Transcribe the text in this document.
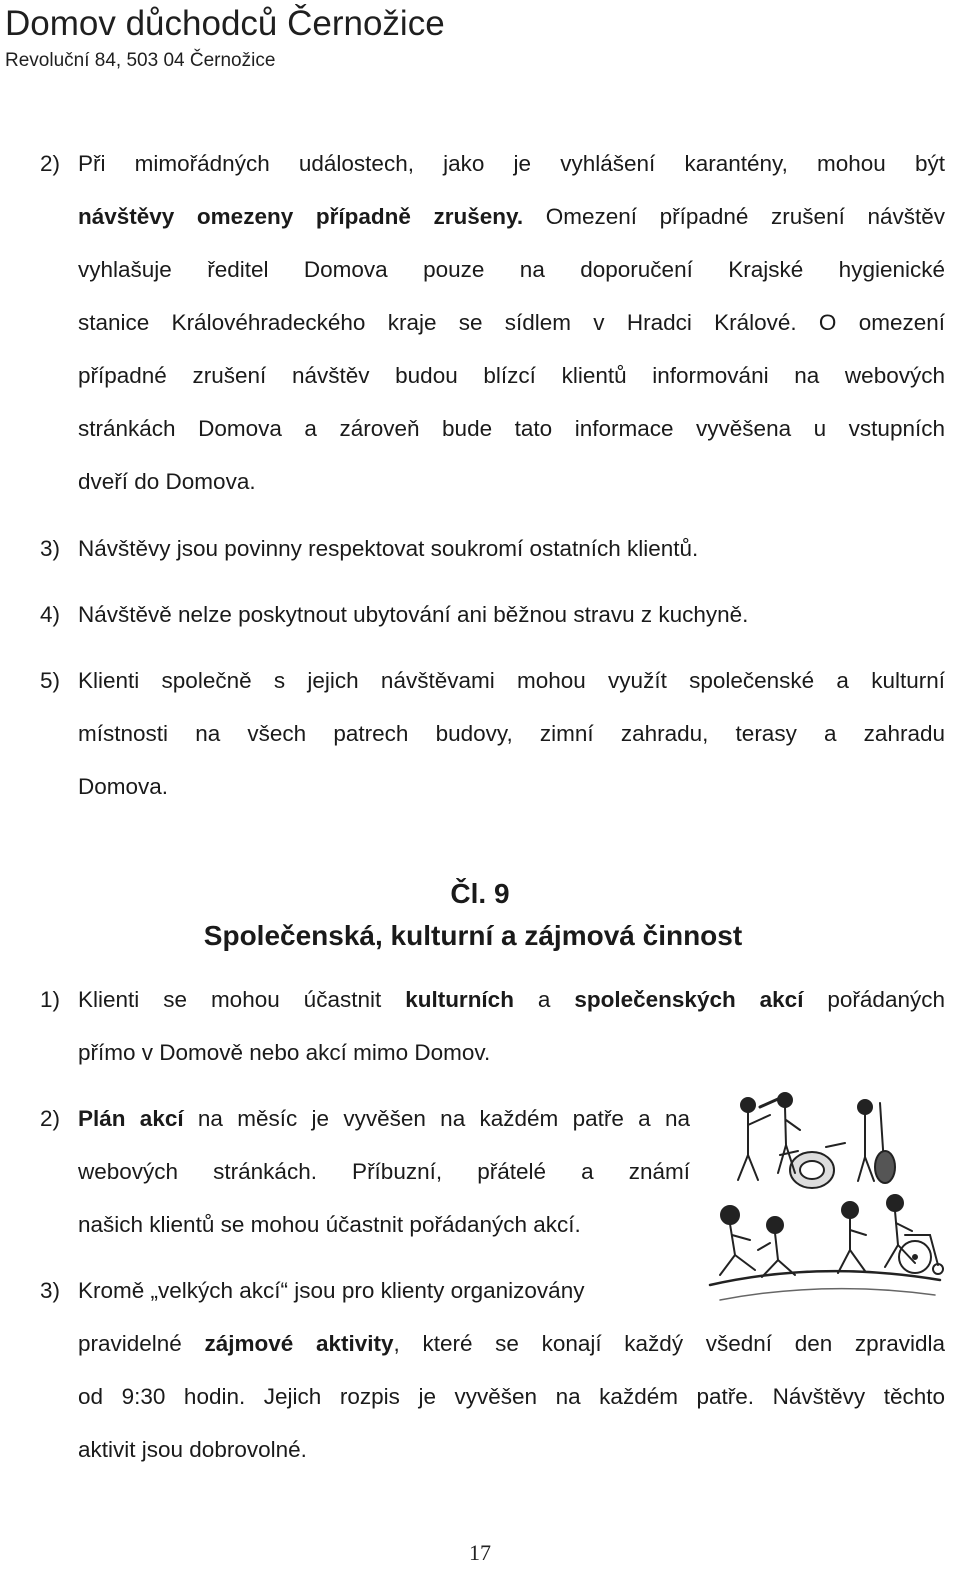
Domov důchodců Černožice
Revoluční 84, 503 04 Černožice
2) Při mimořádných událostech, jako je vyhlášení karantény, mohou být
návštěvy omezeny případně zrušeny. Omezení případné zrušení návštěv
vyhlašuje ředitel Domova pouze na doporučení Krajské hygienické
stanice Královéhradeckého kraje se sídlem v Hradci Králové. O omezení
případné zrušení návštěv budou blízcí klientů informováni na webových
stránkách Domova a zároveň bude tato informace vyvěšena u vstupních
dveří do Domova.
3) Návštěvy jsou povinny respektovat soukromí ostatních klientů.
4) Návštěvě nelze poskytnout ubytování ani běžnou stravu z kuchyně.
5) Klienti společně s jejich návštěvami mohou využít společenské a kulturní
místnosti na všech patrech budovy, zimní zahradu, terasy a zahradu
Domova.
Čl. 9
Společenská, kulturní a zájmová činnost
1) Klienti se mohou účastnit kulturních a společenských akcí pořádaných
přímo v Domově nebo akcí mimo Domov.
2) Plán akcí na měsíc je vyvěšen na každém patře a na
webových stránkách. Příbuzní, přátelé a známí
našich klientů se mohou účastnit pořádaných akcí.
3) Kromě „velkých akcí“ jsou pro klienty organizovány
pravidelné zájmové aktivity, které se konají každý všední den zpravidla
od 9:30 hodin. Jejich rozpis je vyvěšen na každém patře. Návštěvy těchto
aktivit jsou dobrovolné.
17
